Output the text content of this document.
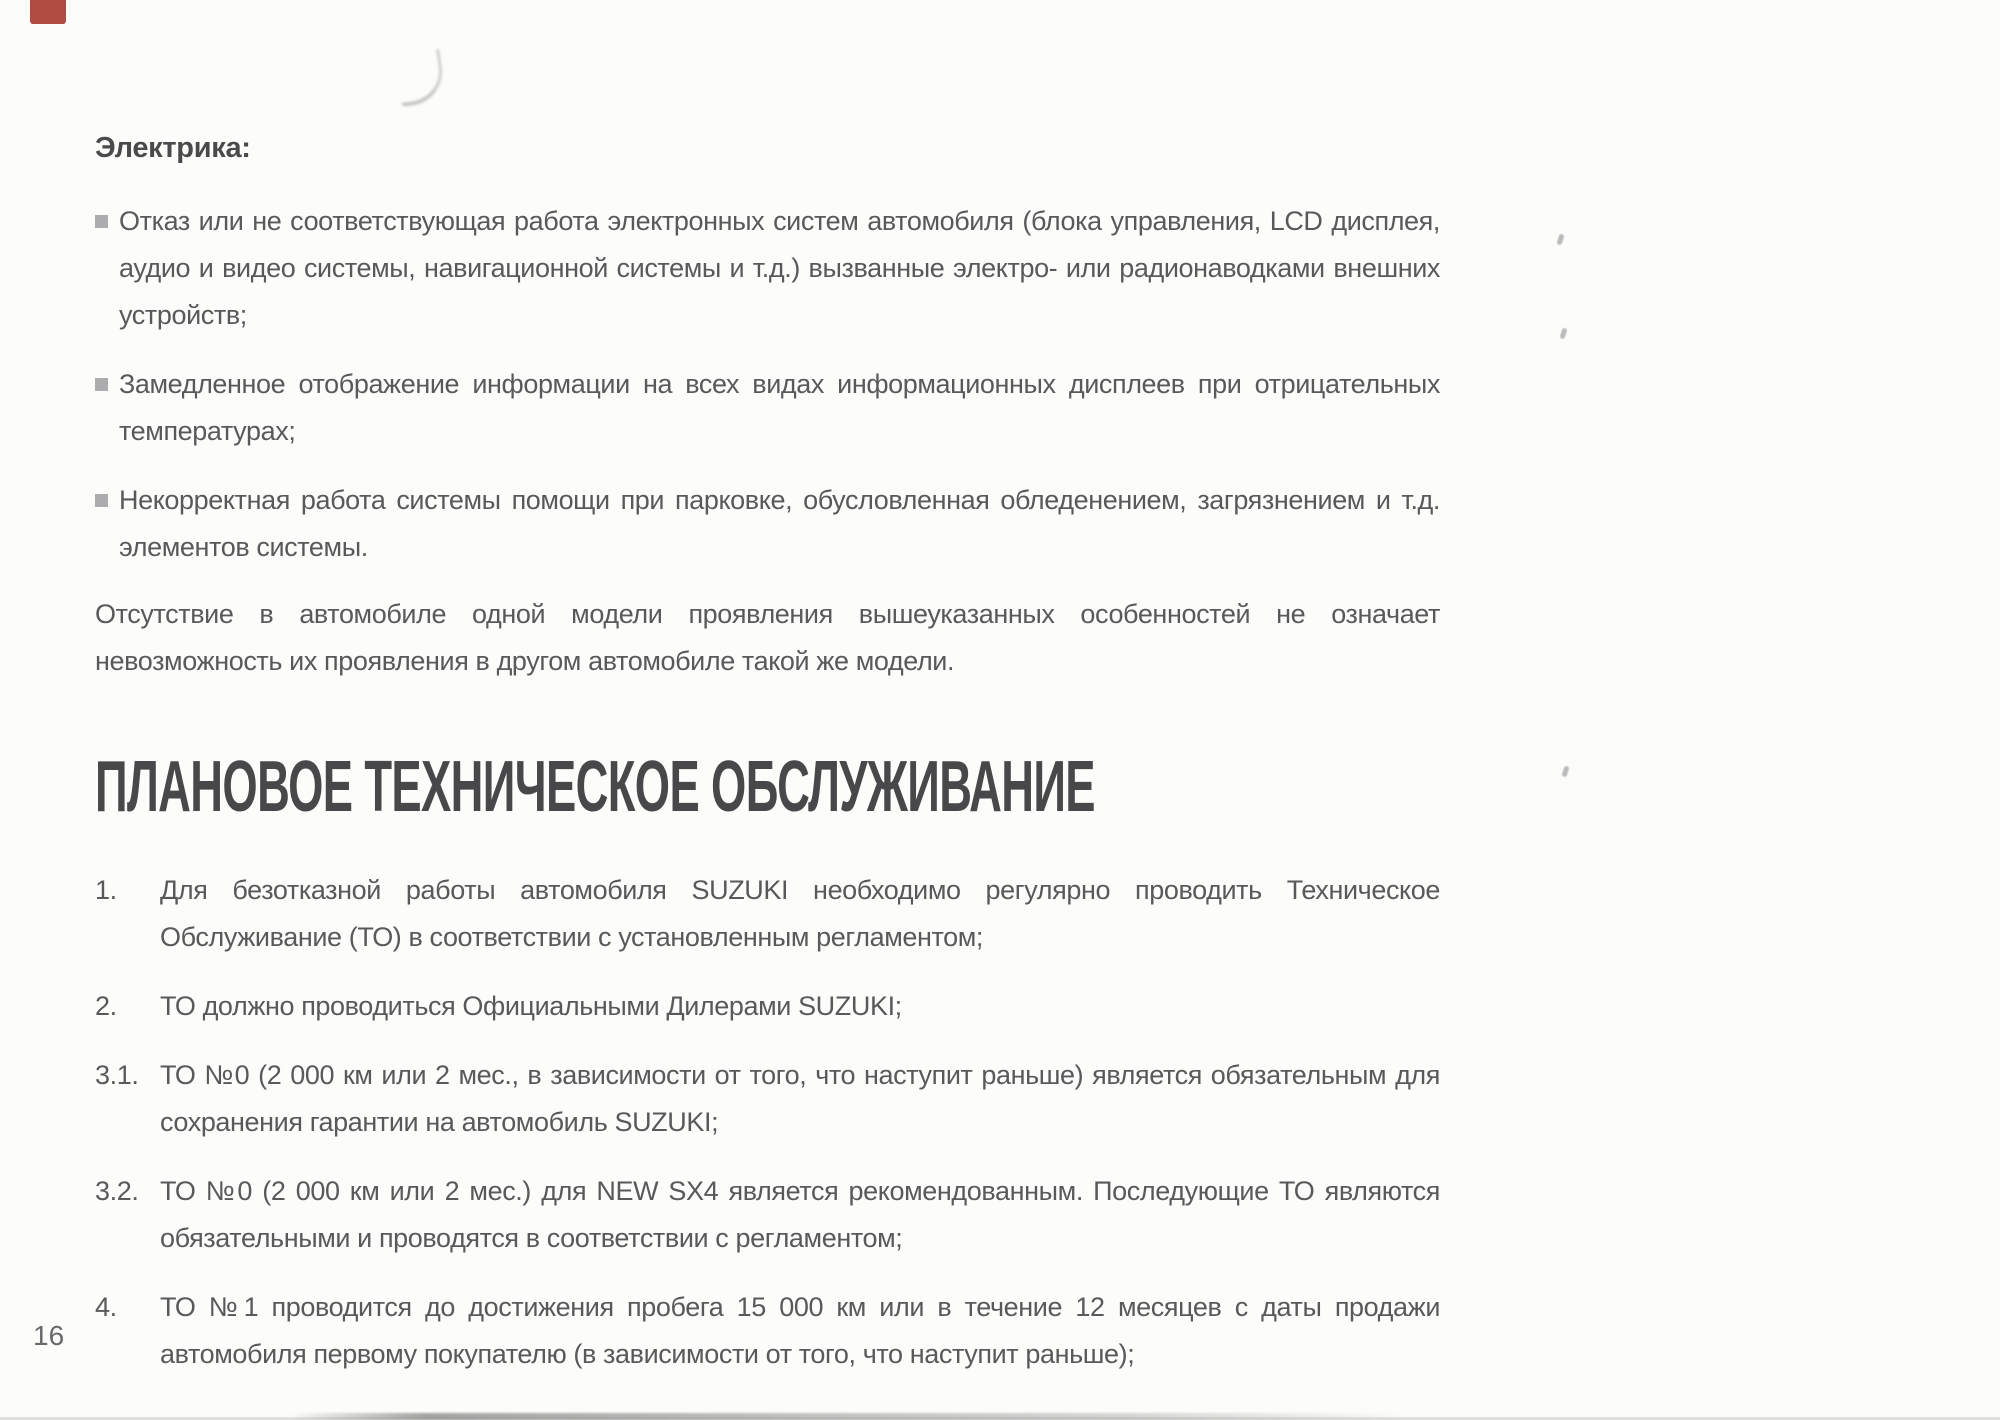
Электрика:
Отказ или не соответствующая работа электронных систем автомобиля (блока управления, LCD дисплея, аудио и видео системы, навигационной системы и т.д.) вызванные электро- или радионаводками внешних устройств;
Замедленное отображение информации на всех видах информационных дисплеев при отрицательных температурах;
Некорректная работа системы помощи при парковке, обусловленная обледенением, загрязнением и т.д. элементов системы.

Отсутствие в автомобиле одной модели проявления вышеуказанных особенностей не означает невозможность их проявления в другом автомобиле такой же модели.

ПЛАНОВОЕ ТЕХНИЧЕСКОЕ ОБСЛУЖИВАНИЕ
1.	Для безотказной работы автомобиля SUZUKI необходимо регулярно проводить Техническое Обслуживание (ТО) в соответствии с установленным регламентом;
2.	ТО должно проводиться Официальными Дилерами SUZUKI;
3.1. ТО №0 (2 000 км или 2 мес., в зависимости от того, что наступит раньше) является обязательным для сохранения гарантии на автомобиль SUZUKI;
3.2. ТО №0 (2 000 км или 2 мес.) для NEW SX4 является рекомендованным. Последующие ТО являются обязательными и проводятся в соответствии с регламентом;
4.	ТО №1 проводится до достижения пробега 15 000 км или в течение 12 месяцев с даты продажи автомобиля первому покупателю (в зависимости от того, что наступит раньше);
16
